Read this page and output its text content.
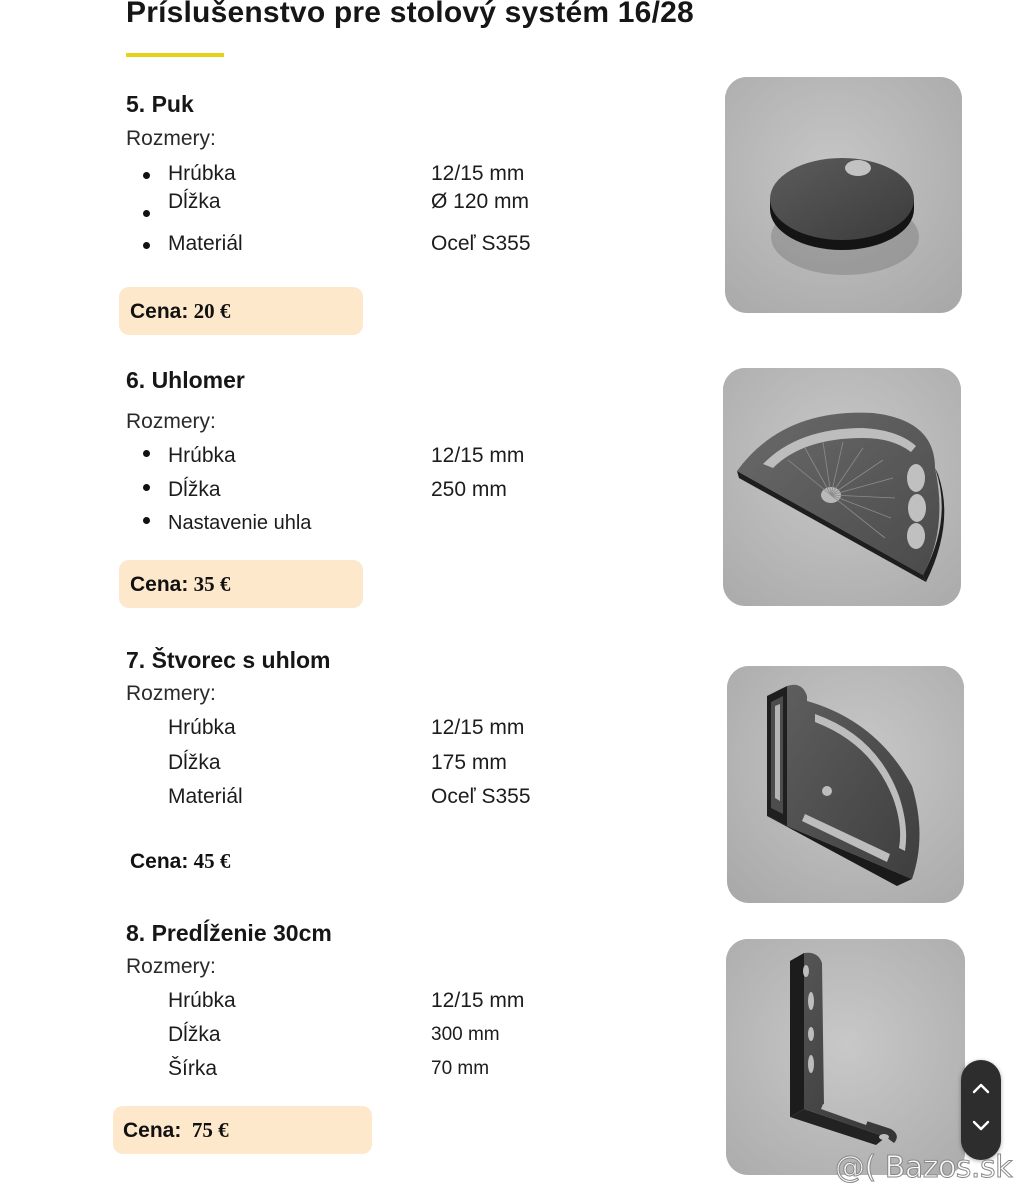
Príslušenstvo pre stolový systém 16/28
5. Puk
Rozmery:
Hrúbka	12/15 mm
Dĺžka	Ø 120 mm
Materiál	Oceľ S355
Cena: 20 €
6. Uhlomer
Rozmery:
Hrúbka	12/15 mm
Dĺžka	250 mm
Nastavenie uhla
Cena: 35 €
7. Štvorec s uhlom
Rozmery:
Hrúbka	12/15 mm
Dĺžka	175 mm
Materiál	Oceľ S355
Cena: 45 €
8. Predĺženie 30cm
Rozmery:
Hrúbka	12/15 mm
Dĺžka	300 mm
Šírka	70 mm
Cena: 75 €
@( Bazos.sk
